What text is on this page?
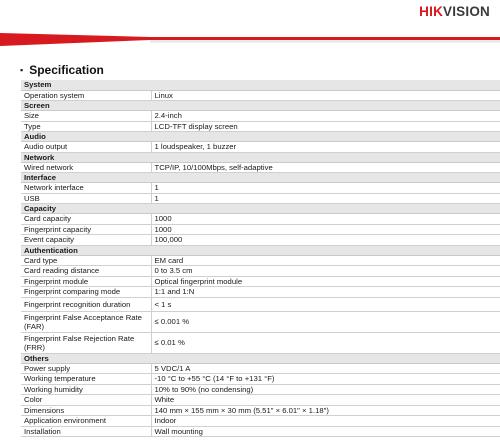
HIK VISION
▪ Specification
System	
Operation system	Linux
Screen	
Size	2.4-inch
Type	LCD-TFT display screen
Audio	
Audio output	1 loudspeaker, 1 buzzer
Network	
Wired network	TCP/IP, 10/100Mbps, self-adaptive
Interface	
Network interface	1
USB	1
Capacity	
Card capacity	1000
Fingerprint capacity	1000
Event capacity	100,000
Authentication	
Card type	EM card
Card reading distance	0 to 3.5 cm
Fingerprint module	Optical fingerprint module
Fingerprint comparing mode	1:1 and 1:N
Fingerprint recognition duration	< 1 s
Fingerprint False Acceptance Rate (FAR)	≤ 0.001 %
Fingerprint False Rejection Rate (FRR)	≤ 0.01 %
Others	
Power supply	5 VDC/1 A
Working temperature	-10 °C to +55 °C (14 °F to +131 °F)
Working humidity	10% to 90% (no condensing)
Color	White
Dimensions	140 mm × 155 mm × 30 mm (5.51" × 6.01" × 1.18")
Application environment	Indoor
Installation	Wall mounting
